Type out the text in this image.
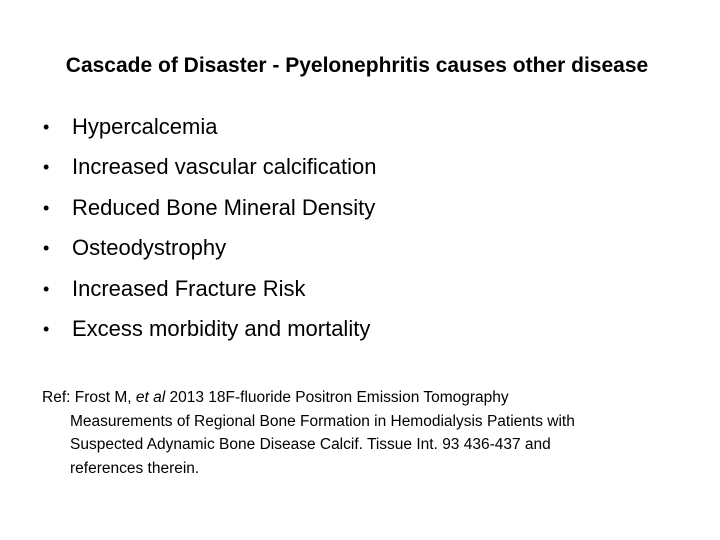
Cascade of Disaster - Pyelonephritis causes other disease
• Hypercalcemia
• Increased vascular calcification
• Reduced Bone Mineral Density
• Osteodystrophy
• Increased Fracture Risk
• Excess morbidity and mortality
Ref: Frost M, et al 2013 18F-fluoride Positron Emission Tomography
Measurements of Regional Bone Formation in Hemodialysis Patients with
Suspected Adynamic Bone Disease Calcif. Tissue Int. 93 436-437 and
references therein.
